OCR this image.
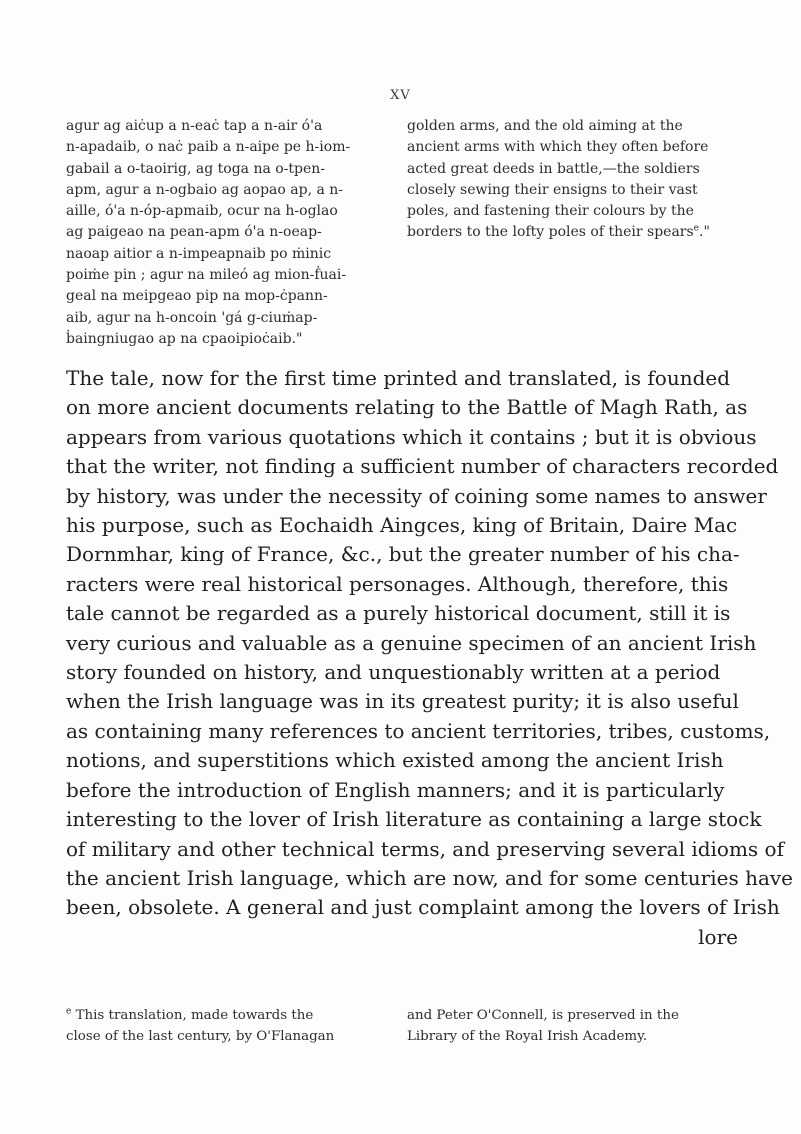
XV
agur ag aiċup a n-eaċ tap a n-air ó'a
n-apadaib, o naċ paib a n-aipe pe h-iom-
gabail a o-taoirig, ag toga na o-tpen-
apm, agur a n-ogbaio ag aopao ap, a n-
aille, ó'a n-óp-apmaib, ocur na h-oglao
ag paigeao na pean-apm ó'a n-oeap-
naoap aitior a n-impeapnaib po ṁinic
poiṁe pin ; agur na mileó ag mion-ḟuai-
geal na meipgeao pip na mop-ċpann-
aib, agur na h-oncoin 'gá g-ciuṁap-
ḃaingniugao ap na cpaoipioċaib."
golden arms, and the old aiming at the
ancient arms with which they often before
acted great deeds in battle,—the soldiers
closely sewing their ensigns to their vast
poles, and fastening their colours by the
borders to the lofty poles of their spears$^e$."
The tale, now for the first time printed and translated, is founded
on more ancient documents relating to the Battle of Magh Rath, as
appears from various quotations which it contains ; but it is obvious
that the writer, not finding a sufficient number of characters recorded
by history, was under the necessity of coining some names to answer
his purpose, such as Eochaidh Aingces, king of Britain, Daire Mac
Dornmhar, king of France, &c., but the greater number of his cha-
racters were real historical personages. Although, therefore, this
tale cannot be regarded as a purely historical document, still it is
very curious and valuable as a genuine specimen of an ancient Irish
story founded on history, and unquestionably written at a period
when the Irish language was in its greatest purity; it is also useful
as containing many references to ancient territories, tribes, customs,
notions, and superstitions which existed among the ancient Irish
before the introduction of English manners; and it is particularly
interesting to the lover of Irish literature as containing a large stock
of military and other technical terms, and preserving several idioms of
the ancient Irish language, which are now, and for some centuries have
been, obsolete. A general and just complaint among the lovers of Irish
lore
$^e$ This translation, made towards the
close of the last century, by O'Flanagan
and Peter O'Connell, is preserved in the
Library of the Royal Irish Academy.
